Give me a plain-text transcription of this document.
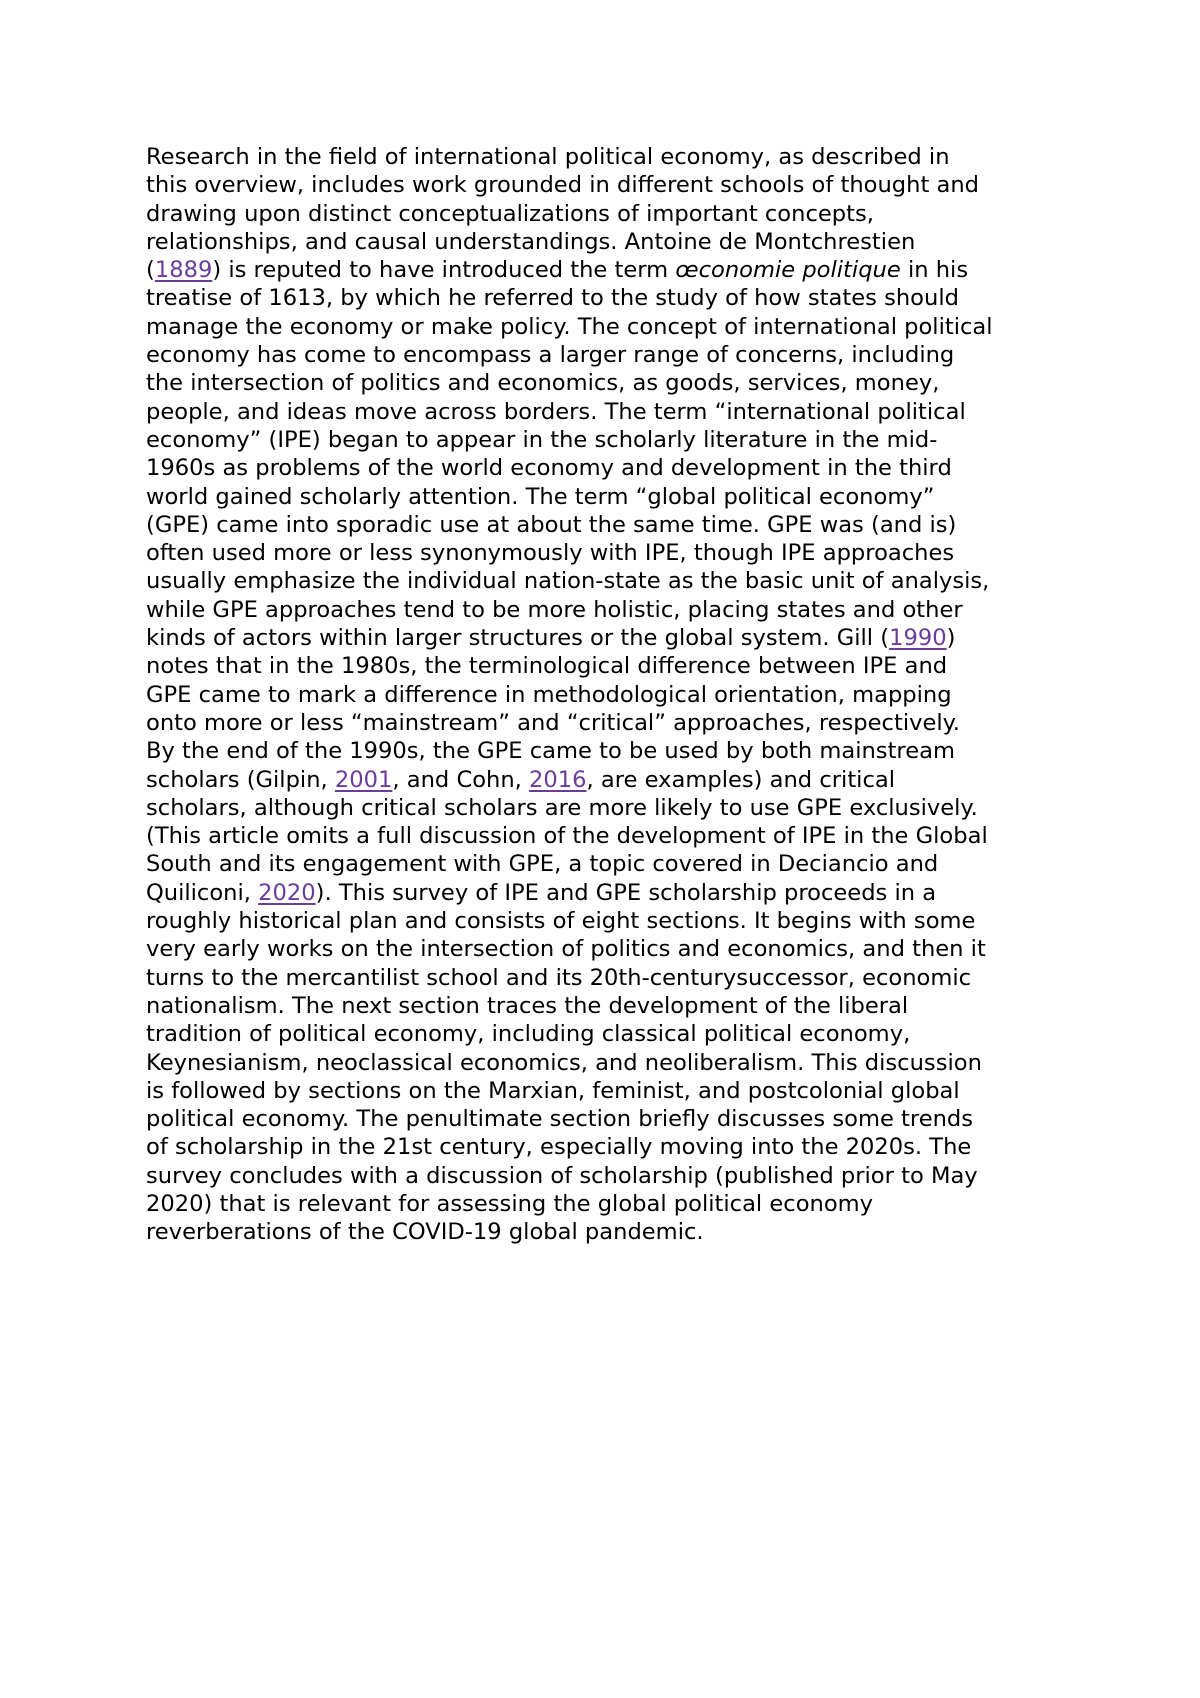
Research in the field of international political economy, as described in
this overview, includes work grounded in different schools of thought and
drawing upon distinct conceptualizations of important concepts,
relationships, and causal understandings. Antoine de Montchrestien
(1889) is reputed to have introduced the term œconomie politique in his
treatise of 1613, by which he referred to the study of how states should
manage the economy or make policy. The concept of international political
economy has come to encompass a larger range of concerns, including
the intersection of politics and economics, as goods, services, money,
people, and ideas move across borders. The term “international political
economy” (IPE) began to appear in the scholarly literature in the mid-
1960s as problems of the world economy and development in the third
world gained scholarly attention. The term “global political economy”
(GPE) came into sporadic use at about the same time. GPE was (and is)
often used more or less synonymously with IPE, though IPE approaches
usually emphasize the individual nation-state as the basic unit of analysis,
while GPE approaches tend to be more holistic, placing states and other
kinds of actors within larger structures or the global system. Gill (1990)
notes that in the 1980s, the terminological difference between IPE and
GPE came to mark a difference in methodological orientation, mapping
onto more or less “mainstream” and “critical” approaches, respectively.
By the end of the 1990s, the GPE came to be used by both mainstream
scholars (Gilpin, 2001, and Cohn, 2016, are examples) and critical
scholars, although critical scholars are more likely to use GPE exclusively.
(This article omits a full discussion of the development of IPE in the Global
South and its engagement with GPE, a topic covered in Deciancio and
Quiliconi, 2020). This survey of IPE and GPE scholarship proceeds in a
roughly historical plan and consists of eight sections. It begins with some
very early works on the intersection of politics and economics, and then it
turns to the mercantilist school and its 20th-centurysuccessor, economic
nationalism. The next section traces the development of the liberal
tradition of political economy, including classical political economy,
Keynesianism, neoclassical economics, and neoliberalism. This discussion
is followed by sections on the Marxian, feminist, and postcolonial global
political economy. The penultimate section briefly discusses some trends
of scholarship in the 21st century, especially moving into the 2020s. The
survey concludes with a discussion of scholarship (published prior to May
2020) that is relevant for assessing the global political economy
reverberations of the COVID-19 global pandemic.
